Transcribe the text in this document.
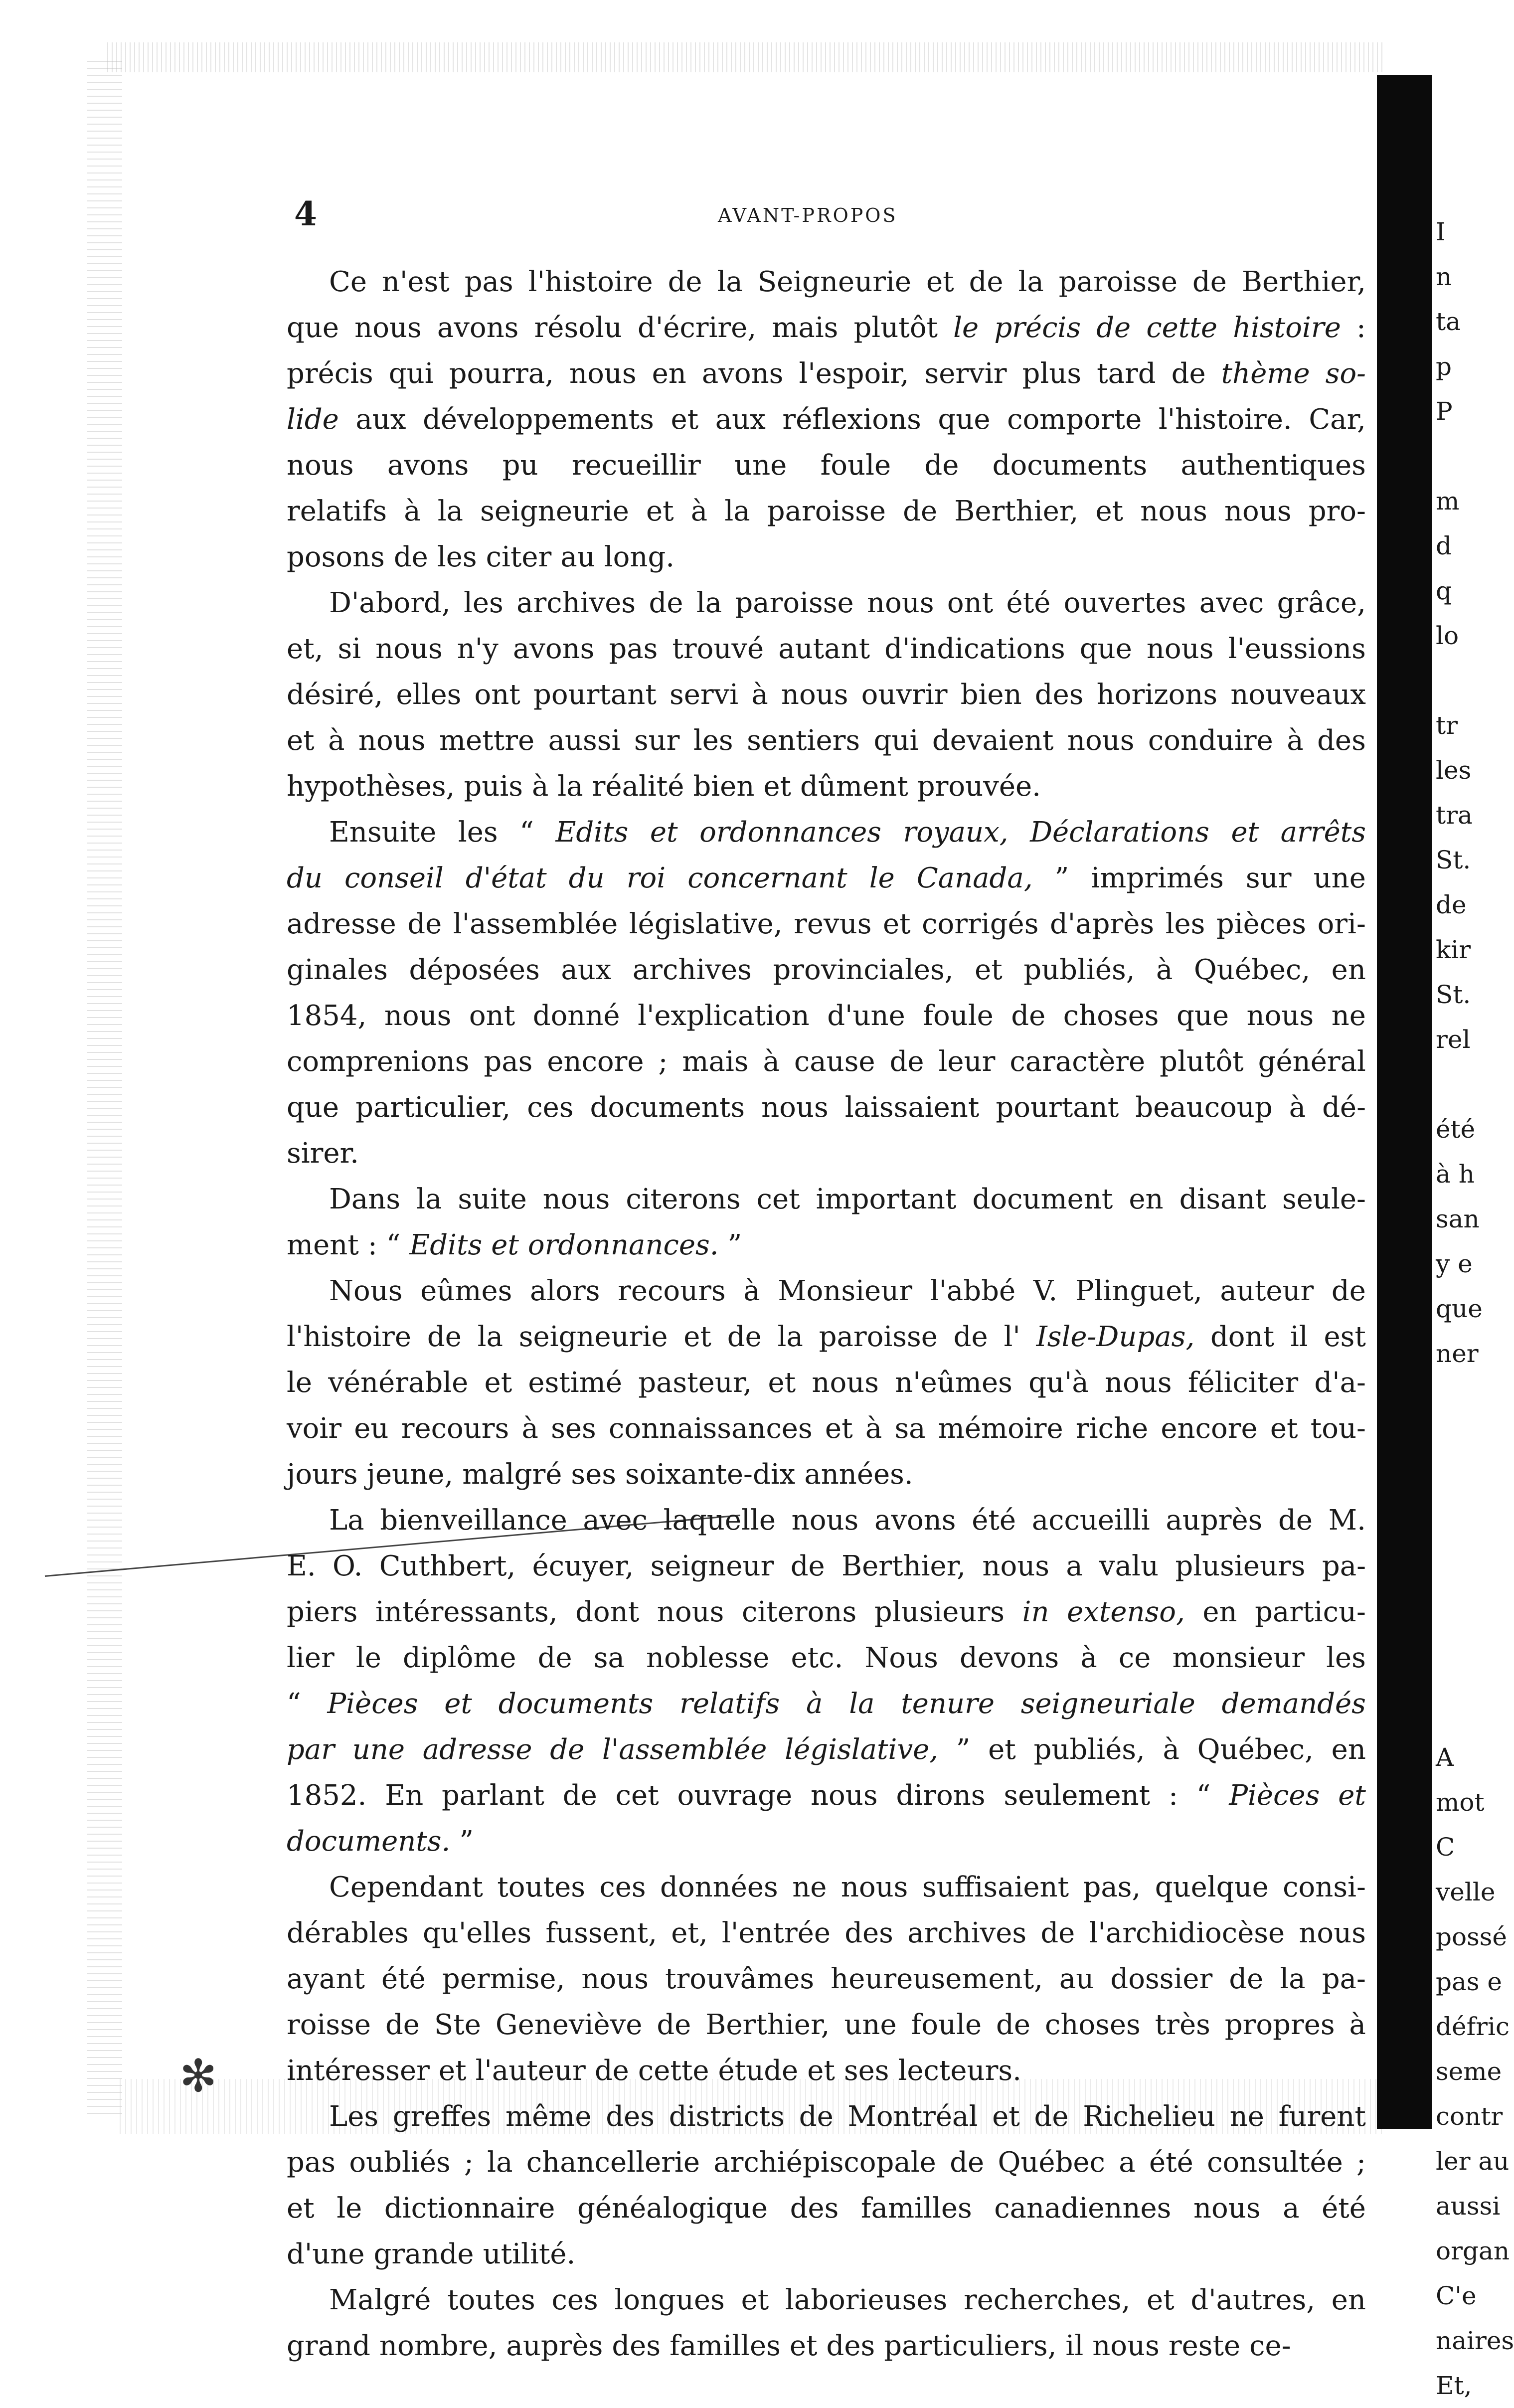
4	AVANT-PROPOS
Ce n'est pas l'histoire de la Seigneurie et de la paroisse de Berthier,
que nous avons résolu d'écrire, mais plutôt le précis de cette histoire :
précis qui pourra, nous en avons l'espoir, servir plus tard de thème so-
lide aux développements et aux réflexions que comporte l'histoire. Car,
nous avons pu recueillir une foule de documents authentiques
relatifs à la seigneurie et à la paroisse de Berthier, et nous nous pro-
posons de les citer au long.
D'abord, les archives de la paroisse nous ont été ouvertes avec grâce,
et, si nous n'y avons pas trouvé autant d'indications que nous l'eussions
désiré, elles ont pourtant servi à nous ouvrir bien des horizons nouveaux
et à nous mettre aussi sur les sentiers qui devaient nous conduire à des
hypothèses, puis à la réalité bien et dûment prouvée.
Ensuite les “ Edits et ordonnances royaux, Déclarations et arrêts
du conseil d'état du roi concernant le Canada, ” imprimés sur une
adresse de l'assemblée législative, revus et corrigés d'après les pièces ori-
ginales déposées aux archives provinciales, et publiés, à Québec, en
1854, nous ont donné l'explication d'une foule de choses que nous ne
comprenions pas encore ; mais à cause de leur caractère plutôt général
que particulier, ces documents nous laissaient pourtant beaucoup à dé-
sirer.
Dans la suite nous citerons cet important document en disant seule-
ment : “ Edits et ordonnances. ”
Nous eûmes alors recours à Monsieur l'abbé V. Plinguet, auteur de
l'histoire de la seigneurie et de la paroisse de l' Isle-Dupas, dont il est
le vénérable et estimé pasteur, et nous n'eûmes qu'à nous féliciter d'a-
voir eu recours à ses connaissances et à sa mémoire riche encore et tou-
jours jeune, malgré ses soixante-dix années.
La bienveillance avec laquelle nous avons été accueilli auprès de M.
E. O. Cuthbert, écuyer, seigneur de Berthier, nous a valu plusieurs pa-
piers intéressants, dont nous citerons plusieurs in extenso, en particu-
lier le diplôme de sa noblesse etc. Nous devons à ce monsieur les
“ Pièces et documents relatifs à la tenure seigneuriale demandés
par une adresse de l'assemblée législative, ” et publiés, à Québec, en
1852. En parlant de cet ouvrage nous dirons seulement : “ Pièces et
documents. ”
Cependant toutes ces données ne nous suffisaient pas, quelque consi-
dérables qu'elles fussent, et, l'entrée des archives de l'archidiocèse nous
ayant été permise, nous trouvâmes heureusement, au dossier de la pa-
roisse de Ste Geneviève de Berthier, une foule de choses très propres à
intéresser et l'auteur de cette étude et ses lecteurs.
Les greffes même des districts de Montréal et de Richelieu ne furent
pas oubliés ; la chancellerie archiépiscopale de Québec a été consultée ;
et le dictionnaire généalogique des familles canadiennes nous a été
d'une grande utilité.
Malgré toutes ces longues et laborieuses recherches, et d'autres, en
grand nombre, auprès des familles et des particuliers, il nous reste ce-

I
n
ta
p
P

m
d
q
lo

tr
les
tra
St.
de
kir
St.
rel

été
à h
san
y e
que
ner

A
mot
C
velle
possé
pas e
défric
seme
contr
ler au
aussi
organ
C'e
naires
Et,
✻
